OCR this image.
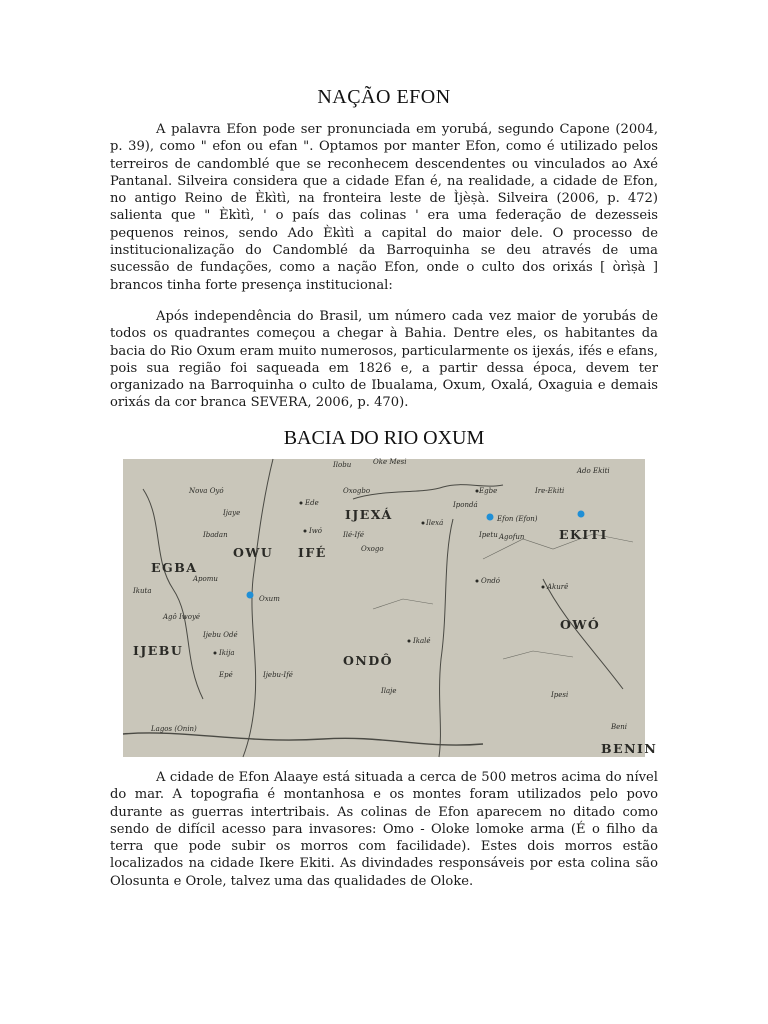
NAÇÃO EFON

A palavra Efon pode ser pronunciada em yorubá, segundo Capone (2004, p. 39), como " efon ou efan ". Optamos por manter Efon, como é utilizado pelos terreiros de candomblé que se reconhecem descendentes ou vinculados ao Axé Pantanal. Silveira considera que a cidade Efan é, na realidade, a cidade de Efon, no antigo Reino de Èkìtì, na fronteira leste de Ìjèṣà. Silveira (2006, p. 472) salienta que " Èkìtì, ' o país das colinas ' era uma federação de dezesseis pequenos reinos, sendo Ado Èkìtì a capital do maior dele. O processo de institucionalização do Candomblé da Barroquinha se deu através de uma sucessão de fundações, como a nação Efon, onde o culto dos orixás [ òrìṣà ] brancos tinha forte presença institucional:

Após independência do Brasil, um número cada vez maior de yorubás de todos os quadrantes começou a chegar à Bahia. Dentre eles, os habitantes da bacia do Rio Oxum eram muito numerosos, particularmente os ijexás, ifés e efans, pois sua região foi saqueada em 1826 e, a partir dessa época, devem ter organizado na Barroquinha o culto de Ibualama, Oxum, Oxalá, Oxaguia e demais orixás da cor branca SEVERA, 2006, p. 470).

BACIA DO RIO OXUM

A cidade de Efon Alaaye está situada a cerca de 500 metros acima do nível do mar. A topografia é montanhosa e os montes foram utilizados pelo povo durante as guerras intertribais. As colinas de Efon aparecem no ditado como sendo de difícil acesso para invasores: Omo - Oloke lomoke arma (É o filho da terra que pode subir os morros com facilidade). Estes dois morros estão localizados na cidade Ikere Ekiti. As divindades responsáveis por esta colina são Olosunta e Orole, talvez uma das qualidades de Oloke.

IJEXÁ
EGBA
OWU IFÉ
EKITI
IJEBU
ONDÔ
OWÓ
BENIN
Ilobu	Oke Mesi
Oxogbo
Ado Ekiti
Ire-Ekiti
Efon (Efon)
Egbe
Ilexá
Ipondá
Ipetu Agofun
Ede
Iwó	Ilé-Ifé
Oxogo
Ibadan
Ijaye
Nova Oyó
Apomu
Oxum
Agô Iwoyé
Ijebu Odé
Ikija
Epé	Ijebu-Ifé
Ikuta
Ilaje
Akurê
Ondó
Ikalé
Lagos (Onin)	Beni
Ipesi
